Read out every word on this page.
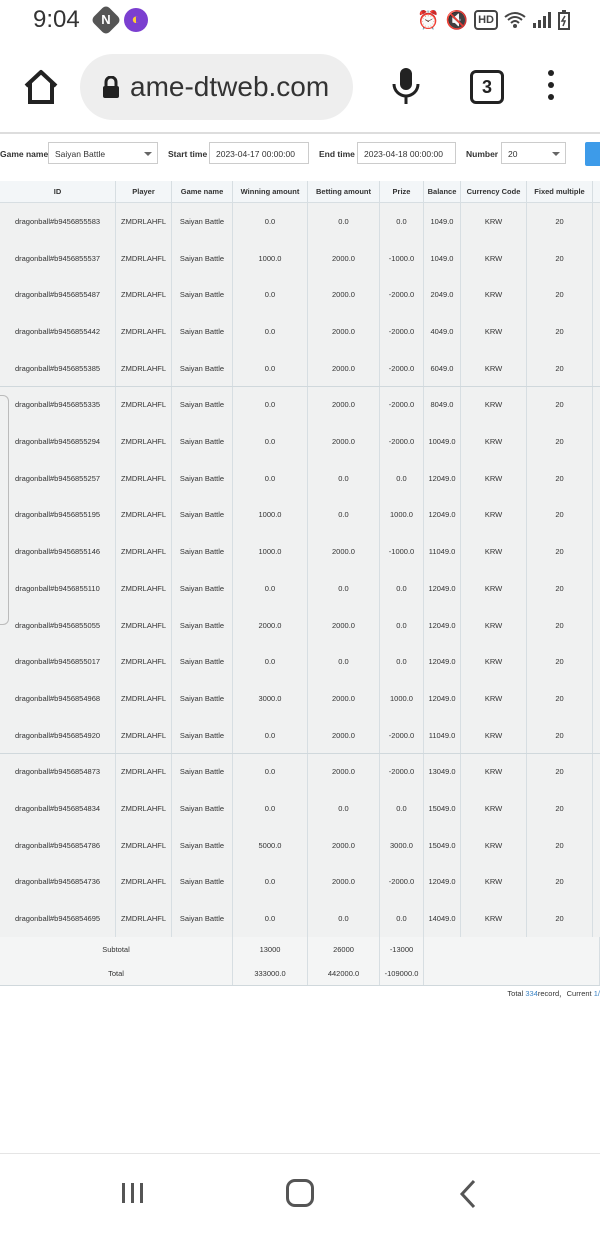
9:04	N	◐	⏰ 🔇 HD
ame-dtweb.com	3
Game name Saiyan Battle	Start time	2023-04-17 00:00:00	End time	2023-04-18 00:00:00	Number	20
ID	Player	Game name	Winning amount	Betting amount	Prize	Balance	Currency Code	Fixed multiple
dragonball#b9456855583	ZMDRLAHFL	Saiyan Battle	0.0	0.0	0.0	1049.0	KRW	20
dragonball#b9456855537	ZMDRLAHFL	Saiyan Battle	1000.0	2000.0	-1000.0	1049.0	KRW	20
dragonball#b9456855487	ZMDRLAHFL	Saiyan Battle	0.0	2000.0	-2000.0	2049.0	KRW	20
dragonball#b9456855442	ZMDRLAHFL	Saiyan Battle	0.0	2000.0	-2000.0	4049.0	KRW	20
dragonball#b9456855385	ZMDRLAHFL	Saiyan Battle	0.0	2000.0	-2000.0	6049.0	KRW	20
dragonball#b9456855335	ZMDRLAHFL	Saiyan Battle	0.0	2000.0	-2000.0	8049.0	KRW	20
dragonball#b9456855294	ZMDRLAHFL	Saiyan Battle	0.0	2000.0	-2000.0	10049.0	KRW	20
dragonball#b9456855257	ZMDRLAHFL	Saiyan Battle	0.0	0.0	0.0	12049.0	KRW	20
dragonball#b9456855195	ZMDRLAHFL	Saiyan Battle	1000.0	0.0	1000.0	12049.0	KRW	20
dragonball#b9456855146	ZMDRLAHFL	Saiyan Battle	1000.0	2000.0	-1000.0	11049.0	KRW	20
dragonball#b9456855110	ZMDRLAHFL	Saiyan Battle	0.0	0.0	0.0	12049.0	KRW	20
dragonball#b9456855055	ZMDRLAHFL	Saiyan Battle	2000.0	2000.0	0.0	12049.0	KRW	20
dragonball#b9456855017	ZMDRLAHFL	Saiyan Battle	0.0	0.0	0.0	12049.0	KRW	20
dragonball#b9456854968	ZMDRLAHFL	Saiyan Battle	3000.0	2000.0	1000.0	12049.0	KRW	20
dragonball#b9456854920	ZMDRLAHFL	Saiyan Battle	0.0	2000.0	-2000.0	11049.0	KRW	20
dragonball#b9456854873	ZMDRLAHFL	Saiyan Battle	0.0	2000.0	-2000.0	13049.0	KRW	20
dragonball#b9456854834	ZMDRLAHFL	Saiyan Battle	0.0	0.0	0.0	15049.0	KRW	20
dragonball#b9456854786	ZMDRLAHFL	Saiyan Battle	5000.0	2000.0	3000.0	15049.0	KRW	20
dragonball#b9456854736	ZMDRLAHFL	Saiyan Battle	0.0	2000.0	-2000.0	12049.0	KRW	20
dragonball#b9456854695	ZMDRLAHFL	Saiyan Battle	0.0	0.0	0.0	14049.0	KRW	20
Subtotal	13000	26000	-13000
Total	333000.0	442000.0	-109000.0
Total 334record，Current 1/
